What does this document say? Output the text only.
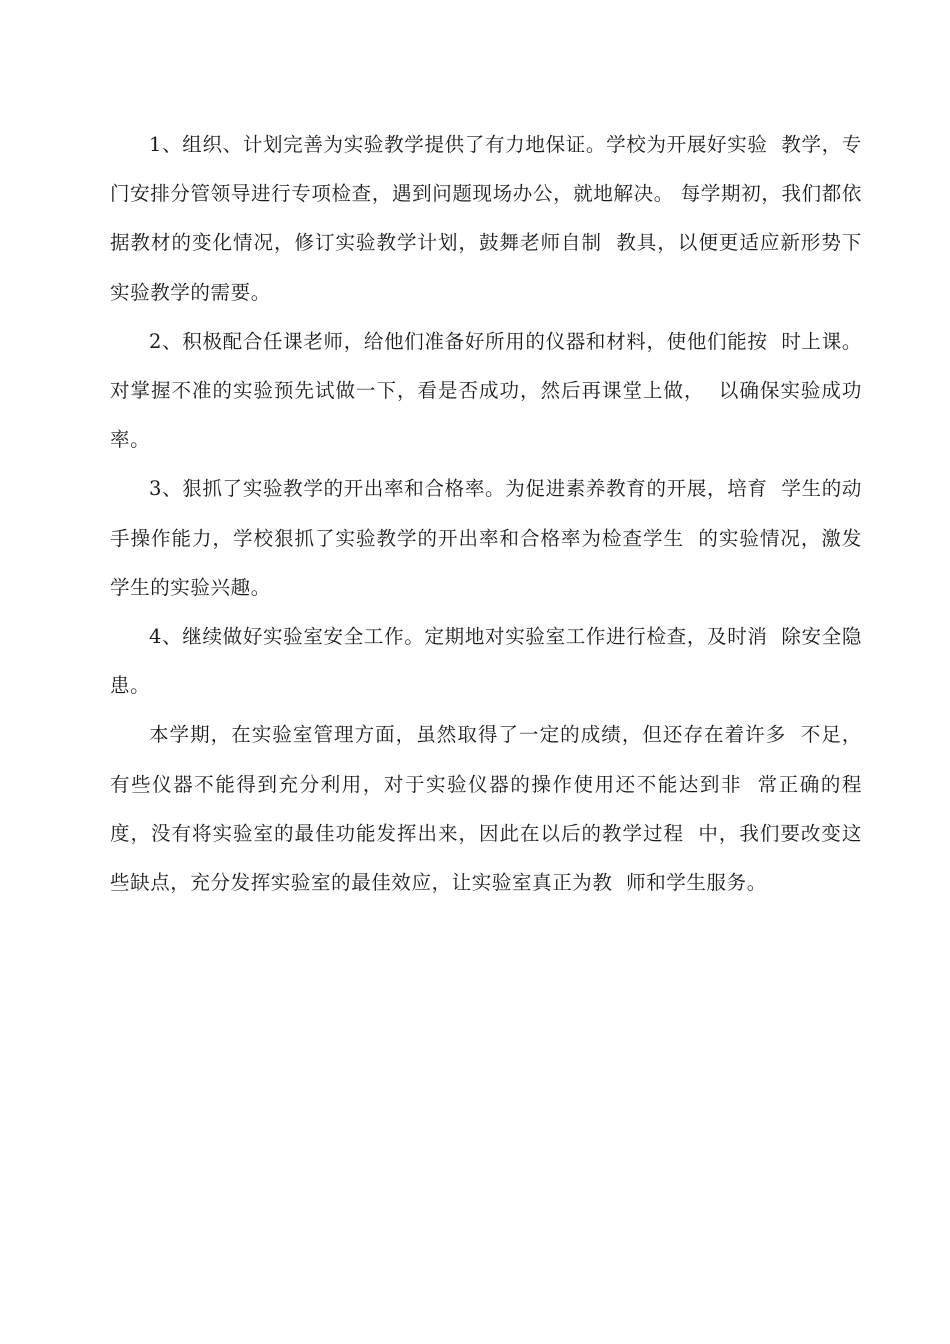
1、组织、计划完善为实验教学提供了有力地保证。学校为开展好实验  教学，专门安排分管领导进行专项检查，遇到问题现场办公，就地解决。 每学期初，我们都依据教材的变化情况，修订实验教学计划，鼓舞老师自制  教具，以便更适应新形势下实验教学的需要。

2、积极配合任课老师，给他们准备好所用的仪器和材料，使他们能按  时上课。对掌握不准的实验预先试做一下，看是否成功，然后再课堂上做，  以确保实验成功率。

3、狠抓了实验教学的开出率和合格率。为促进素养教育的开展，培育  学生的动手操作能力，学校狠抓了实验教学的开出率和合格率为检查学生  的实验情况，激发学生的实验兴趣。

4、继续做好实验室安全工作。定期地对实验室工作进行检查，及时消  除安全隐患。

本学期，在实验室管理方面，虽然取得了一定的成绩，但还存在着许多  不足，有些仪器不能得到充分利用，对于实验仪器的操作使用还不能达到非  常正确的程度，没有将实验室的最佳功能发挥出来，因此在以后的教学过程  中，我们要改变这些缺点，充分发挥实验室的最佳效应，让实验室真正为教  师和学生服务。
